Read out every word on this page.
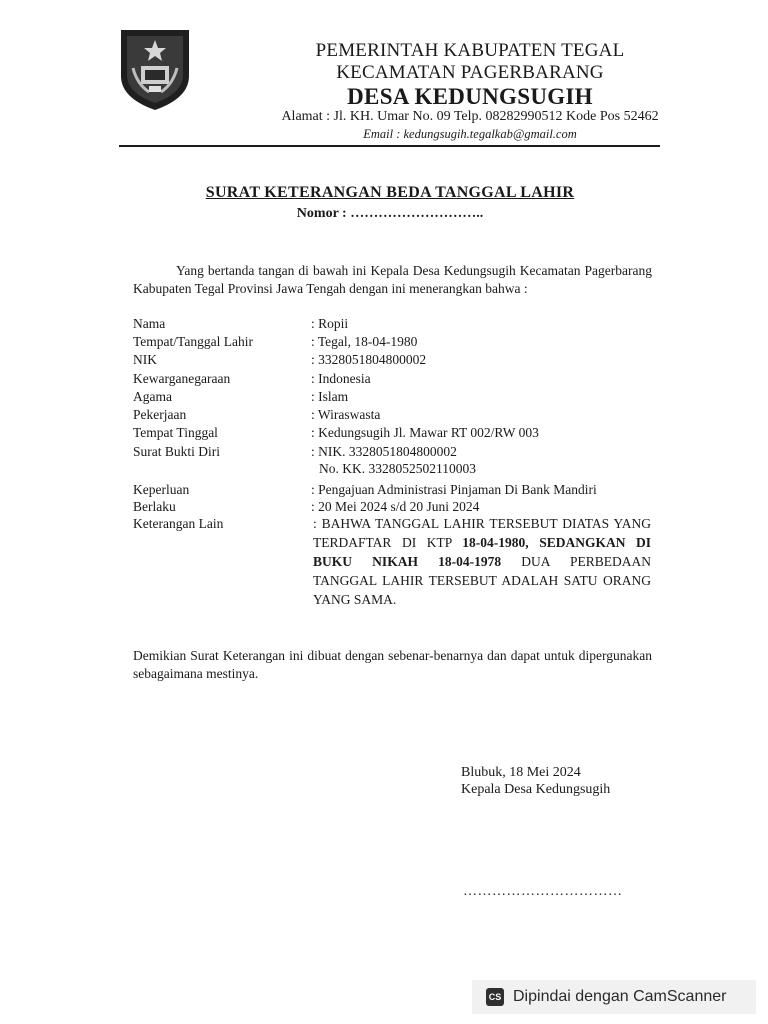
PEMERINTAH KABUPATEN TEGAL
KECAMATAN PAGERBARANG
DESA KEDUNGSUGIH
Alamat : Jl. KH. Umar No. 09 Telp. 08282990512 Kode Pos 52462
Email : kedungsugih.tegalkab@gmail.com
SURAT KETERANGAN BEDA TANGGAL LAHIR
Nomor : ………………………..
Yang bertanda tangan di bawah ini Kepala Desa Kedungsugih Kecamatan Pagerbarang Kabupaten Tegal Provinsi Jawa Tengah dengan ini menerangkan bahwa :
Nama	: Ropii
Tempat/Tanggal Lahir	: Tegal, 18-04-1980
NIK	: 3328051804800002
Kewarganegaraan	: Indonesia
Agama	: Islam
Pekerjaan	: Wiraswasta
Tempat Tinggal	: Kedungsugih Jl. Mawar RT 002/RW 003
Surat Bukti Diri	: NIK. 3328051804800002
No. KK. 3328052502110003
Keperluan	: Pengajuan Administrasi Pinjaman Di Bank Mandiri
Berlaku	: 20 Mei 2024 s/d 20 Juni 2024
Keterangan Lain	: BAHWA TANGGAL LAHIR TERSEBUT DIATAS YANG TERDAFTAR DI KTP 18-04-1980, SEDANGKAN DI BUKU NIKAH 18-04-1978 DUA PERBEDAAN TANGGAL LAHIR TERSEBUT ADALAH SATU ORANG YANG SAMA.
Demikian Surat Keterangan ini dibuat dengan sebenar-benarnya dan dapat untuk dipergunakan sebagaimana mestinya.
Blubuk, 18 Mei 2024
Kepala Desa Kedungsugih
……………………………
CS Dipindai dengan CamScanner
